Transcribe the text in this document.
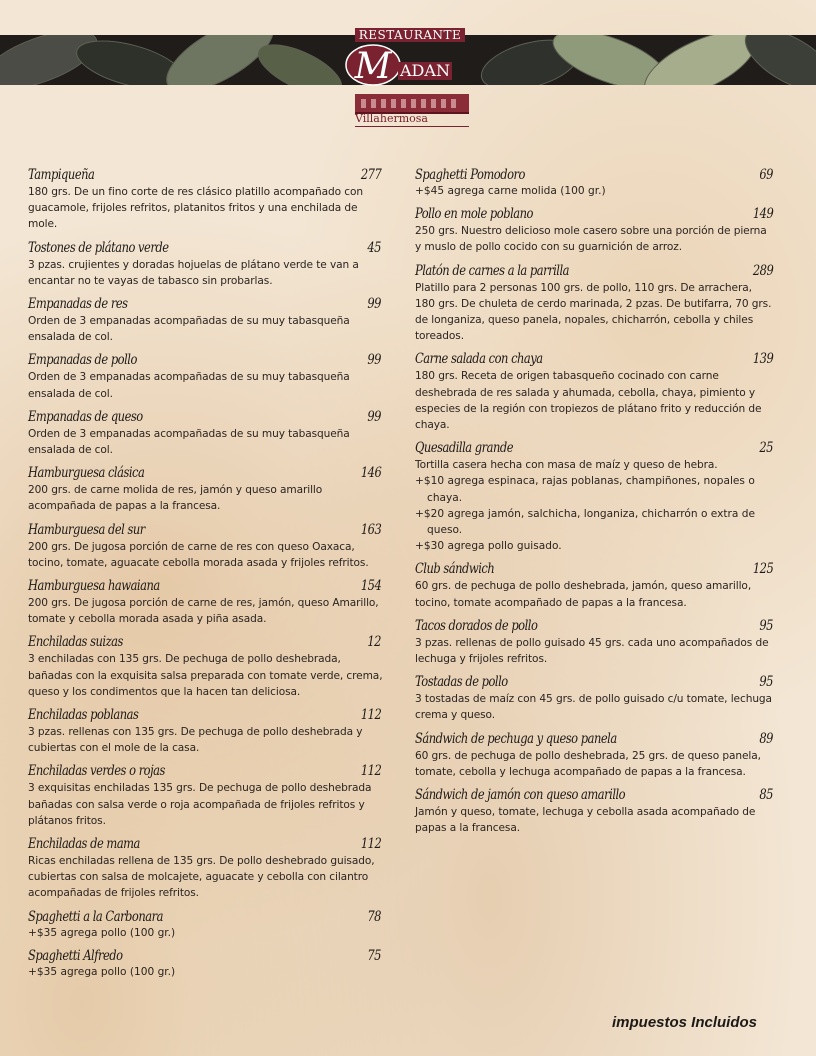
RESTAURANTE
M ADAN
Villahermosa
Tampiqueña	277
180 grs. De un fino corte de res clásico platillo acompañado con guacamole, frijoles refritos, platanitos fritos y una enchilada de mole.
Tostones de plátano verde	45
3 pzas. crujientes y doradas hojuelas de plátano verde te van a encantar no te vayas de tabasco sin probarlas.
Empanadas de res	99
Orden de 3 empanadas acompañadas de su muy tabasqueña ensalada de col.
Empanadas de pollo	99
Orden de 3 empanadas acompañadas de su muy tabasqueña ensalada de col.
Empanadas de queso	99
Orden de 3 empanadas acompañadas de su muy tabasqueña ensalada de col.
Hamburguesa clásica	146
200 grs. de carne molida de res, jamón y queso amarillo acompañada de papas a la francesa.
Hamburguesa del sur	163
200 grs. De jugosa porción de carne de res con queso Oaxaca, tocino, tomate, aguacate cebolla morada asada y frijoles refritos.
Hamburguesa hawaiana	154
200 grs. De jugosa porción de carne de res, jamón, queso Amarillo, tomate y cebolla morada asada y piña asada.
Enchiladas suizas	12
3 enchiladas con 135 grs. De pechuga de pollo deshebrada, bañadas con la exquisita salsa preparada con tomate verde, crema, queso y los condimentos que la hacen tan deliciosa.
Enchiladas poblanas	112
3 pzas. rellenas con 135 grs. De pechuga de pollo deshebrada y cubiertas con el mole de la casa.
Enchiladas verdes o rojas	112
3 exquisitas enchiladas 135 grs. De pechuga de pollo deshebrada bañadas con salsa verde o roja acompañada de frijoles refritos y plátanos fritos.
Enchiladas de mama	112
Ricas enchiladas rellena de 135 grs. De pollo deshebrado guisado, cubiertas con salsa de molcajete, aguacate y cebolla con cilantro acompañadas de frijoles refritos.
Spaghetti a la Carbonara	78
+$35 agrega pollo (100 gr.)
Spaghetti Alfredo	75
+$35 agrega pollo (100 gr.)
Spaghetti Pomodoro	69
+$45 agrega carne molida (100 gr.)
Pollo en mole poblano	149
250 grs. Nuestro delicioso mole casero sobre una porción de pierna y muslo de pollo cocido con su guarnición de arroz.
Platón de carnes a la parrilla	289
Platillo para 2 personas 100 grs. de pollo, 110 grs. De arrachera, 180 grs. De chuleta de cerdo marinada, 2 pzas. De butifarra, 70 grs. de longaniza, queso panela, nopales, chicharrón, cebolla y chiles toreados.
Carne salada con chaya	139
180 grs. Receta de origen tabasqueño cocinado con carne deshebrada de res salada y ahumada, cebolla, chaya, pimiento y especies de la región con tropiezos de plátano frito y reducción de chaya.
Quesadilla grande	25
Tortilla casera hecha con masa de maíz y queso de hebra.
+$10 agrega espinaca, rajas poblanas, champiñones, nopales o chaya.
+$20 agrega jamón, salchicha, longaniza, chicharrón o extra de queso.
+$30 agrega pollo guisado.
Club sándwich	125
60 grs. de pechuga de pollo deshebrada, jamón, queso amarillo, tocino, tomate acompañado de papas a la francesa.
Tacos dorados de pollo	95
3 pzas. rellenas de pollo guisado 45 grs. cada uno acompañados de lechuga y frijoles refritos.
Tostadas de pollo	95
3 tostadas de maíz con 45 grs. de pollo guisado c/u tomate, lechuga crema y queso.
Sándwich de pechuga y queso panela	89
60 grs. de pechuga de pollo deshebrada, 25 grs. de queso panela, tomate, cebolla y lechuga acompañado de papas a la francesa.
Sándwich de jamón con queso amarillo	85
Jamón y queso, tomate, lechuga y cebolla asada acompañado de papas a la francesa.
impuestos Incluidos
